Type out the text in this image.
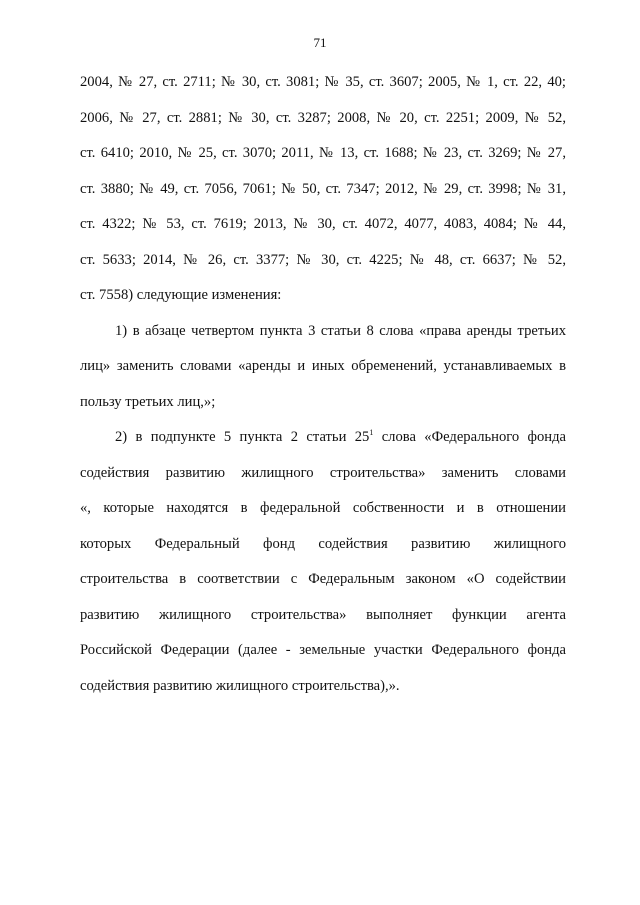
71
2004, № 27, ст. 2711; № 30, ст. 3081; № 35, ст. 3607; 2005, № 1, ст. 22, 40;
2006, № 27, ст. 2881; № 30, ст. 3287; 2008, № 20, ст. 2251; 2009, № 52,
ст. 6410; 2010, № 25, ст. 3070; 2011, № 13, ст. 1688; № 23, ст. 3269; № 27,
ст. 3880; № 49, ст. 7056, 7061; № 50, ст. 7347; 2012, № 29, ст. 3998; № 31,
ст. 4322; № 53, ст. 7619; 2013, № 30, ст. 4072, 4077, 4083, 4084; № 44,
ст. 5633; 2014, № 26, ст. 3377; № 30, ст. 4225; № 48, ст. 6637; № 52,
ст. 7558) следующие изменения:
1) в абзаце четвертом пункта 3 статьи 8 слова «права аренды третьих
лиц» заменить словами «аренды и иных обременений, устанавливаемых в
пользу третьих лиц,»;
2) в подпункте 5 пункта 2 статьи $25^1$ слова «Федерального фонда
содействия развитию жилищного строительства» заменить словами
«, которые находятся в федеральной собственности и в отношении
которых Федеральный фонд содействия развитию жилищного
строительства в соответствии с Федеральным законом «О содействии
развитию жилищного строительства» выполняет функции агента
Российской Федерации (далее - земельные участки Федерального фонда
содействия развитию жилищного строительства),».
